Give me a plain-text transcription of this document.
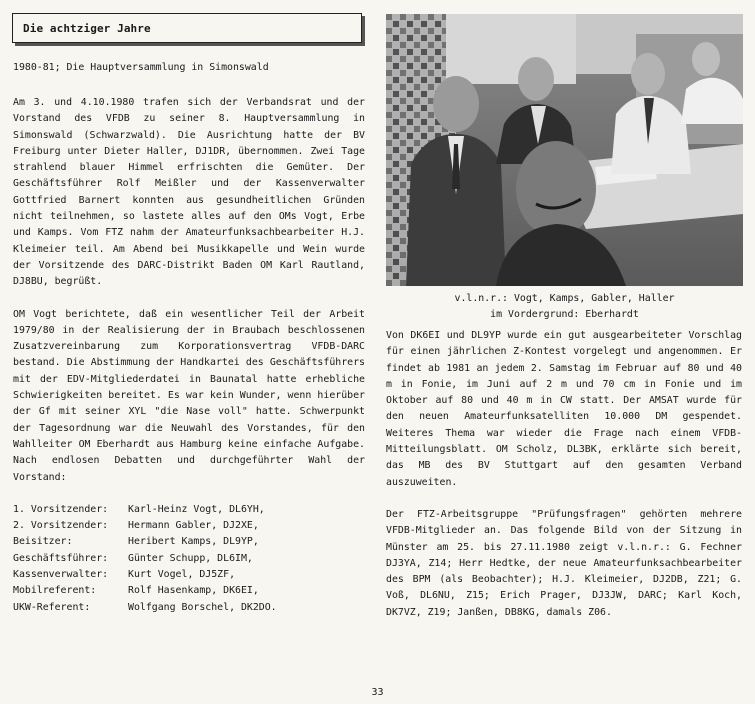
Die achtziger Jahre
1980-81; Die Hauptversammlung in Simonswald

Am 3. und 4.10.1980 trafen sich der Verbandsrat und der Vorstand des VFDB zu seiner 8. Hauptversammlung in Simonswald (Schwarzwald). Die Ausrichtung hatte der BV Freiburg unter Dieter Haller, DJ1DR, übernommen. Zwei Tage strahlend blauer Himmel erfrischten die Gemüter. Der Geschäftsführer Rolf Meißler und der Kassenverwalter Gottfried Barnert konnten aus gesundheitlichen Gründen nicht teilnehmen, so lastete alles auf den OMs Vogt, Erbe und Kamps. Vom FTZ nahm der Amateurfunksachbearbeiter H.J. Kleimeier teil. Am Abend bei Musikkapelle und Wein wurde der Vorsitzende des DARC-Distrikt Baden OM Karl Rautland, DJ8BU, begrüßt.

OM Vogt berichtete, daß ein wesentlicher Teil der Arbeit 1979/80 in der Realisierung der in Braubach beschlossenen Zusatzvereinbarung zum Korporationsvertrag VFDB-DARC bestand. Die Abstimmung der Handkartei des Geschäftsführers mit der EDV-Mitgliederdatei in Baunatal hatte erhebliche Schwierigkeiten bereitet. Es war kein Wunder, wenn hierüber der Gf mit seiner XYL "die Nase voll" hatte. Schwerpunkt der Tagesordnung war die Neuwahl des Vorstandes, für den Wahlleiter OM Eberhardt aus Hamburg keine einfache Aufgabe. Nach endlosen Debatten und durchgeführter Wahl der Vorstand:

1. Vorsitzender:	Karl-Heinz Vogt, DL6YH,
2. Vorsitzender:	Hermann Gabler, DJ2XE,
Beisitzer:	Heribert Kamps, DL9YP,
Geschäftsführer:	Günter Schupp, DL6IM,
Kassenverwalter:	Kurt Vogel, DJ5ZF,
Mobilreferent:	Rolf Hasenkamp, DK6EI,
UKW-Referent:	Wolfgang Borschel, DK2DO.
v.l.n.r.: Vogt, Kamps, Gabler, Haller
im Vordergrund: Eberhardt

Von DK6EI und DL9YP wurde ein gut ausgearbeiteter Vorschlag für einen jährlichen Z-Kontest vorgelegt und angenommen. Er findet ab 1981 an jedem 2. Samstag im Februar auf 80 und 40 m in Fonie, im Juni auf 2 m und 70 cm in Fonie und im Oktober auf 80 und 40 m in CW statt. Der AMSAT wurde für den neuen Amateurfunksatelliten 10.000 DM gespendet. Weiteres Thema war wieder die Frage nach einem VFDB-Mitteilungsblatt. OM Scholz, DL3BK, erklärte sich bereit, das MB des BV Stuttgart auf den gesamten Verband auszuweiten.

Der FTZ-Arbeitsgruppe "Prüfungsfragen" gehörten mehrere VFDB-Mitglieder an. Das folgende Bild von der Sitzung in Münster am 25. bis 27.11.1980 zeigt v.l.n.r.: G. Fechner DJ3YA, Z14; Herr Hedtke, der neue Amateurfunksachbearbeiter des BPM (als Beobachter); H.J. Kleimeier, DJ2DB, Z21; G. Voß, DL6NU, Z15; Erich Prager, DJ3JW, DARC; Karl Koch, DK7VZ, Z19; Janßen, DB8KG, damals Z06.

33
